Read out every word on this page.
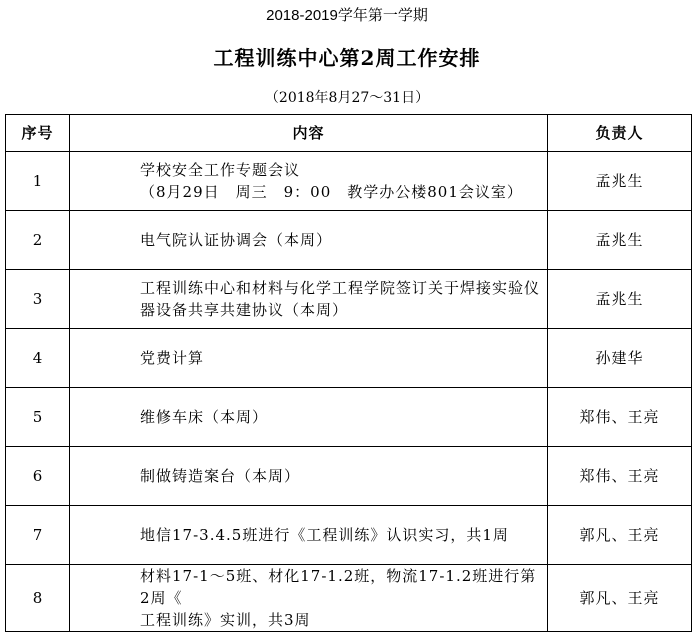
2018-2019学年第一学期
工程训练中心第2周工作安排
（2018年8月27～31日）
序号	内容	负责人
1	学校安全工作专题会议
（8月29日　周三　9：00　教学办公楼801会议室）	孟兆生
2	电气院认证协调会（本周）	孟兆生
3	工程训练中心和材料与化学工程学院签订关于焊接实验仪
器设备共享共建协议（本周）	孟兆生
4	党费计算	孙建华
5	维修车床（本周）	郑伟、王亮
6	制做铸造案台（本周）	郑伟、王亮
7	地信17-3.4.5班进行《工程训练》认识实习，共1周	郭凡、王亮
8	材料17-1～5班、材化17-1.2班，物流17-1.2班进行第2周《
工程训练》实训，共3周	郭凡、王亮
